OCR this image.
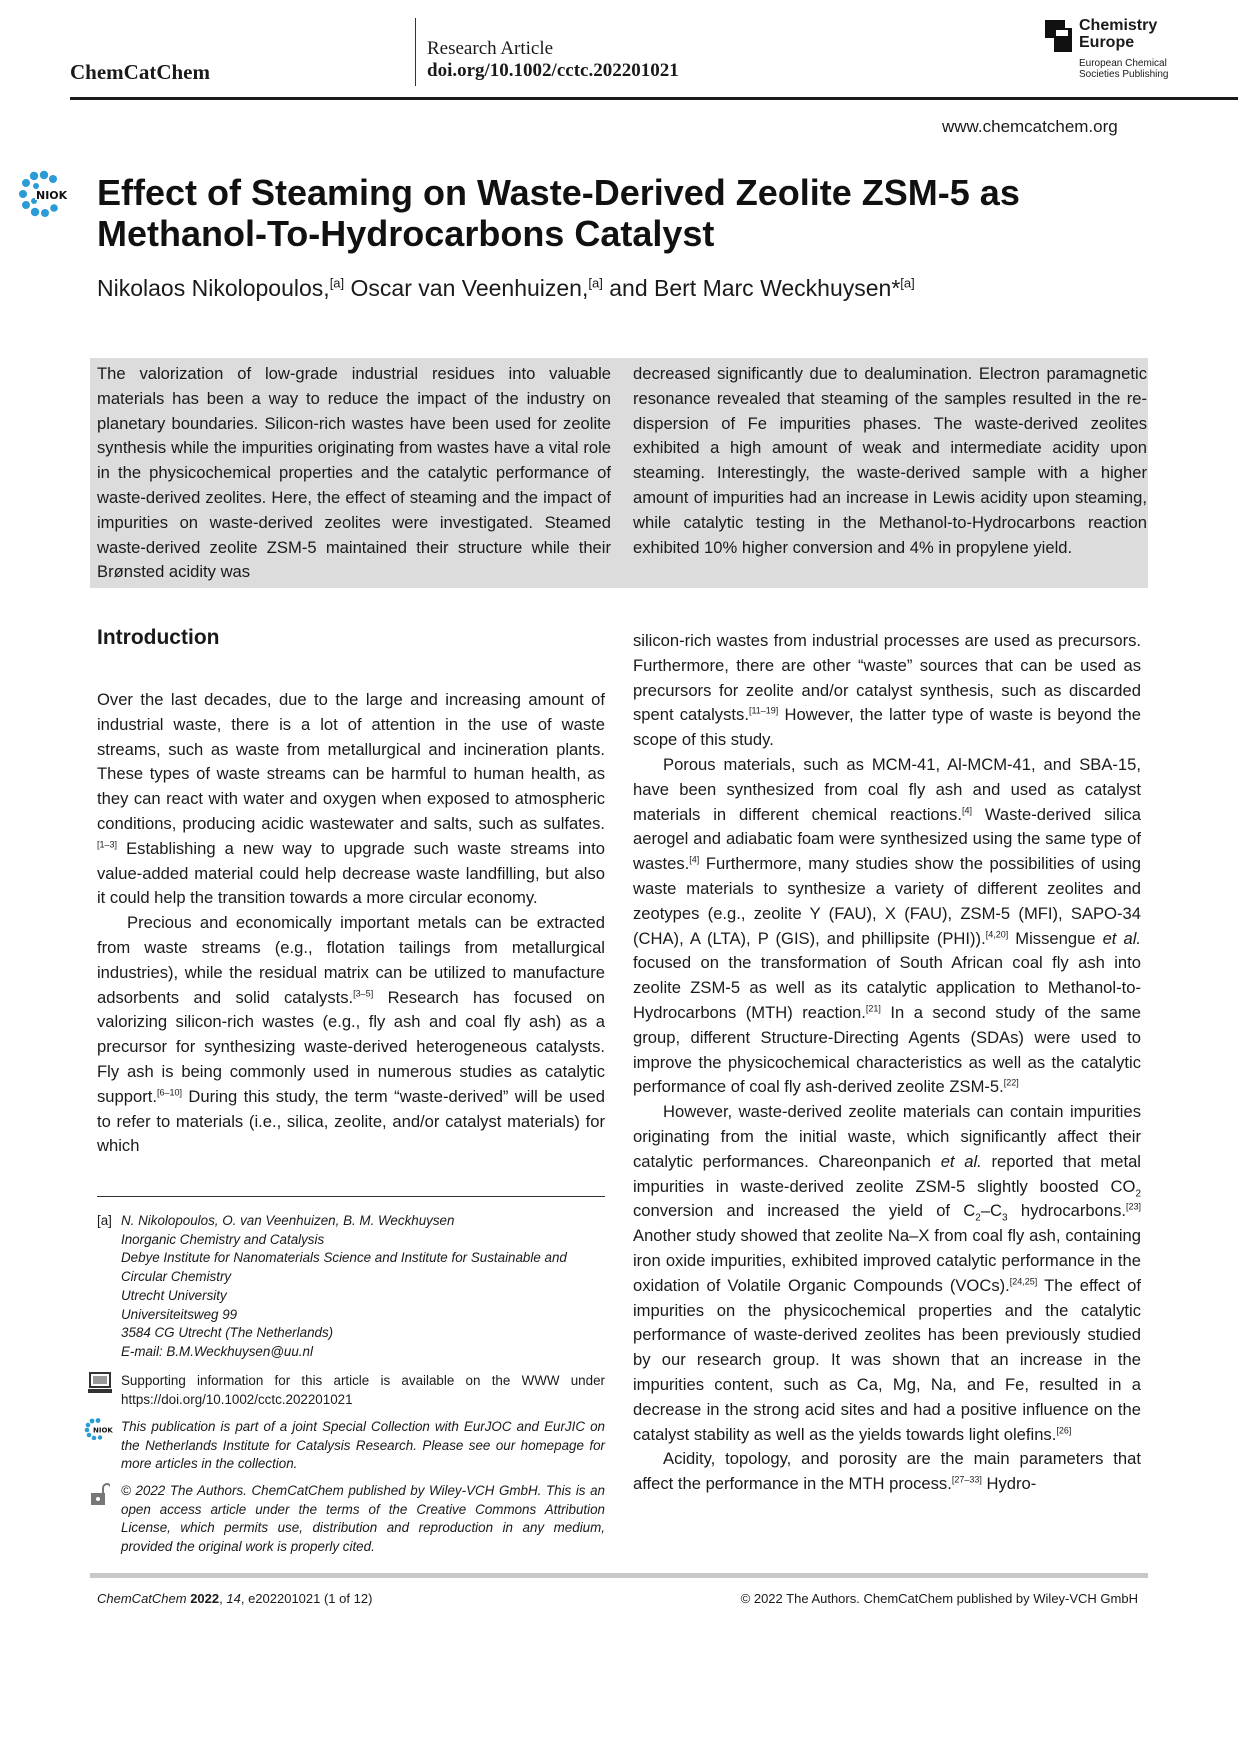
ChemCatChem
Research Article
doi.org/10.1002/cctc.202201021
Chemistry
Europe
European Chemical
Societies Publishing
www.chemcatchem.org
NIOK Effect of Steaming on Waste-Derived Zeolite ZSM-5 as Methanol-To-Hydrocarbons Catalyst
Nikolaos Nikolopoulos,[a] Oscar van Veenhuizen,[a] and Bert Marc Weckhuysen*[a]
The valorization of low-grade industrial residues into valuable materials has been a way to reduce the impact of the industry on planetary boundaries. Silicon-rich wastes have been used for zeolite synthesis while the impurities originating from wastes have a vital role in the physicochemical properties and the catalytic performance of waste-derived zeolites. Here, the effect of steaming and the impact of impurities on waste-derived zeolites were investigated. Steamed waste-derived zeolite ZSM-5 maintained their structure while their Brønsted acidity was
decreased significantly due to dealumination. Electron paramagnetic resonance revealed that steaming of the samples resulted in the re-dispersion of Fe impurities phases. The waste-derived zeolites exhibited a high amount of weak and intermediate acidity upon steaming. Interestingly, the waste-derived sample with a higher amount of impurities had an increase in Lewis acidity upon steaming, while catalytic testing in the Methanol-to-Hydrocarbons reaction exhibited 10% higher conversion and 4% in propylene yield.
Introduction

Over the last decades, due to the large and increasing amount of industrial waste, there is a lot of attention in the use of waste streams, such as waste from metallurgical and incineration plants. These types of waste streams can be harmful to human health, as they can react with water and oxygen when exposed to atmospheric conditions, producing acidic wastewater and salts, such as sulfates.[1–3] Establishing a new way to upgrade such waste streams into value-added material could help decrease waste landfilling, but also it could help the transition towards a more circular economy.

Precious and economically important metals can be extracted from waste streams (e.g., flotation tailings from metallurgical industries), while the residual matrix can be utilized to manufacture adsorbents and solid catalysts.[3–5] Research has focused on valorizing silicon-rich wastes (e.g., fly ash and coal fly ash) as a precursor for synthesizing waste-derived heterogeneous catalysts. Fly ash is being commonly used in numerous studies as catalytic support.[6–10] During this study, the term “waste-derived” will be used to refer to materials (i.e., silica, zeolite, and/or catalyst materials) for which

silicon-rich wastes from industrial processes are used as precursors. Furthermore, there are other “waste” sources that can be used as precursors for zeolite and/or catalyst synthesis, such as discarded spent catalysts.[11–19] However, the latter type of waste is beyond the scope of this study.

Porous materials, such as MCM-41, Al-MCM-41, and SBA-15, have been synthesized from coal fly ash and used as catalyst materials in different chemical reactions.[4] Waste-derived silica aerogel and adiabatic foam were synthesized using the same type of wastes.[4] Furthermore, many studies show the possibilities of using waste materials to synthesize a variety of different zeolites and zeotypes (e.g., zeolite Y (FAU), X (FAU), ZSM-5 (MFI), SAPO-34 (CHA), A (LTA), P (GIS), and phillipsite (PHI)).[4,20] Missengue et al. focused on the transformation of South African coal fly ash into zeolite ZSM-5 as well as its catalytic application to Methanol-to-Hydrocarbons (MTH) reaction.[21] In a second study of the same group, different Structure-Directing Agents (SDAs) were used to improve the physicochemical characteristics as well as the catalytic performance of coal fly ash-derived zeolite ZSM-5.[22]

However, waste-derived zeolite materials can contain impurities originating from the initial waste, which significantly affect their catalytic performances. Chareonpanich et al. reported that metal impurities in waste-derived zeolite ZSM-5 slightly boosted $CO_2$ conversion and increased the yield of $C_2-C_3$ hydrocarbons.[23] Another study showed that zeolite Na–X from coal fly ash, containing iron oxide impurities, exhibited improved catalytic performance in the oxidation of Volatile Organic Compounds (VOCs).[24,25] The effect of impurities on the physicochemical properties and the catalytic performance of waste-derived zeolites has been previously studied by our research group. It was shown that an increase in the impurities content, such as Ca, Mg, Na, and Fe, resulted in a decrease in the strong acid sites and had a positive influence on the catalyst stability as well as the yields towards light olefins.[26]

Acidity, topology, and porosity are the main parameters that affect the performance in the MTH process.[27–33] Hydro-

[a] N. Nikolopoulos, O. van Veenhuizen, B. M. Weckhuysen
Inorganic Chemistry and Catalysis
Debye Institute for Nanomaterials Science and Institute for Sustainable and
Circular Chemistry
Utrecht University
Universiteitsweg 99
3584 CG Utrecht (The Netherlands)
E-mail: B.M.Weckhuysen@uu.nl
Supporting information for this article is available on the WWW under https://doi.org/10.1002/cctc.202201021
NIOK This publication is part of a joint Special Collection with EurJOC and EurJIC on the Netherlands Institute for Catalysis Research. Please see our homepage for more articles in the collection.
© 2022 The Authors. ChemCatChem published by Wiley-VCH GmbH. This is an open access article under the terms of the Creative Commons Attribution License, which permits use, distribution and reproduction in any medium, provided the original work is properly cited.
ChemCatChem 2022, 14, e202201021 (1 of 12)	© 2022 The Authors. ChemCatChem published by Wiley-VCH GmbH
